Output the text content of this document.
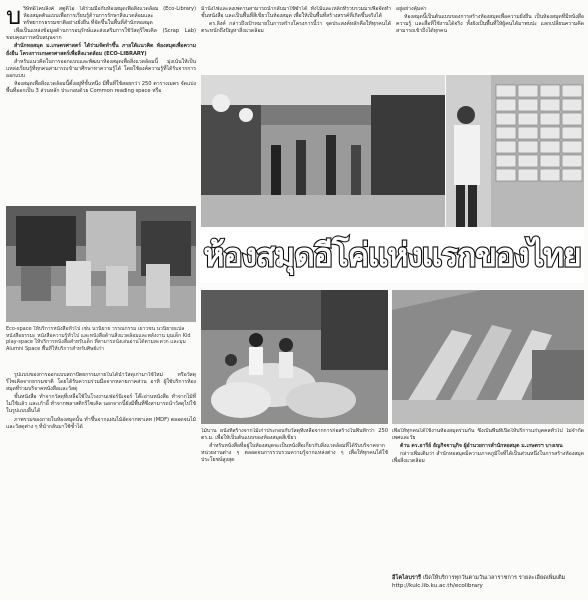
บ ริษัทอีโคบลิงค์ สตูดิโอ ได้ร่วมมือกับห้องสมุดเพื่อสิ่งแวดล้อม (Eco-Library) ห้องสมุดต้นแบบเพื่อการเรียนรู้ด้านการรักษาสิ่งแวดล้อมและทรัพยากรธรรมชาติอย่างยั่งยืน ที่จัดขึ้นในพื้นที่สำนักหอสมุด

เพื่อเป็นแหล่งข้อมูลด้านการอนุรักษ์และส่งเสริมการใช้วัสดุรีไซเคิล (Scrap Lab) ขอบคุณการสนับสนุนจาก

สำนักหอสมุด ม.เกษตรศาสตร์ ได้ร่วมจัดทำขึ้น ภายใต้แนวคิด ห้องสมุดเพื่อความยั่งยืน โครงการเกษตรศาสตร์เพื่อสิ่งแวดล้อม (ECO-LIBRARY)

สำหรับแนวคิดในการออกแบบและพัฒนาห้องสมุดเพื่อสิ่งแวดล้อมนี้ มุ่งเน้นให้เป็นแหล่งเรียนรู้ที่ทุกคนสามารถเข้ามาศึกษาหาความรู้ได้ โดยใช้องค์ความรู้ที่ได้รับจากการออกแบบ

ห้องสมุดเพื่อสิ่งแวดล้อมนี้ตั้งอยู่ที่ชั้นหนึ่ง มีพื้นที่ใช้สอยกว่า 250 ตารางเมตร จัดแบ่งพื้นที่ออกเป็น 3 ส่วนหลัก ประกอบด้วย Common reading space หรือ

ม้านั่งไฟและลงเพดานสามารถนำกลับมาใช้ซ้ำได้ ทั้งไม้และเหล็กที่รวบรวมมาเพื่อจัดทำชั้นหนังสือ และเป็นพื้นที่สีเขียวในห้องสมุด เพื่อให้เป็นพื้นที่สร้างสรรค์ที่เกิดขึ้นจริงได้

ดร.ลิงค์ กล่าวถึงเป้าหมายในการสร้างโครงการนี้ว่า จุดประสงค์หลักคือให้ทุกคนได้ตระหนักถึงปัญหาสิ่งแวดล้อม

อยู่อย่างคุ้มค่า

ห้องสมุดนี้เป็นต้นแบบของการสร้างห้องสมุดเพื่อความยั่งยืน เป็นห้องสมุดที่มีหนังสือ ความรู้ และสื่อที่ใช้งานได้จริง ทั้งยังเป็นพื้นที่ให้ผู้คนได้มาพบปะ แลกเปลี่ยนความคิด สามารถเข้าถึงได้ทุกคน

ห้องสมุดอีโค่แห่งแรกของไทย
Eco-space ให้บริการหนังสือทั่วไป เช่น นวนิยาย วรรณกรรม เยาวชน นวนิยายแปล หนังสือธรรมะ หนังสือความรู้ทั่วไป และหนังสือด้านสิ่งแวดล้อมและพลังงาน มุมเด็ก Kid play-space ให้บริการหนังสือสำหรับเด็ก ที่สามารถนั่งเล่นอ่านได้ตามสะดวก และมุม Alumni Space พื้นที่ให้บริการสำหรับศิษย์เก่า

รูปแบบของการออกแบบสถาปัตยกรรมภายในได้นำวัสดุเก่ามาใช้ใหม่ หรือวัสดุรีไซเคิลจากธรรมชาติ โดยได้รับความร่วมมือจากหลายภาคส่วน อาทิ ผู้ใช้บริการห้องสมุดที่ร่วมบริจาคหนังสือและวัสดุ

ชั้นหนังสือ ทำจากวัสดุที่เหลือใช้ในโรงงานเฟอร์นิเจอร์ โต๊ะอ่านหนังสือ ทำจากไม้ที่ไม่ใช้แล้ว และเก้าอี้ ทำจากพลาสติกรีไซเคิล นอกจากนี้ยังมีพื้นที่ซึ่งสามารถนำวัสดุไปใช้ในรูปแบบอื่นได้

ภาพรวมของภายในห้องสมุดนั้น ทำขึ้นจากแผ่นไม้อัดจากพาเลท (MDF) ตลอดจนไม้และวัสดุต่าง ๆ ที่นำกลับมาใช้ซ้ำได้

ไม้บาน ผนังที่สร้างจากไม้เก่าประกอบกับวัสดุที่เหลือจากการก่อสร้างในพื้นที่กว่า 250 ตร.ม. เพื่อให้เป็นต้นแบบของห้องสมุดสีเขียว

สำหรับหนังสือที่อยู่ในห้องสมุดจะเป็นหนังสือเกี่ยวกับสิ่งแวดล้อมที่ได้รับบริจาคจากหน่วยงานต่าง ๆ ตลอดจนการรวบรวมความรู้จากแหล่งต่าง ๆ เพื่อให้ทุกคนได้ใช้ประโยชน์สูงสุด

เพื่อให้ทุกคนได้ใช้งานห้องสมุดร่วมกัน ซึ่งเป็นพื้นที่เปิดให้บริการแก่บุคคลทั่วไป ไม่จำกัดเพศและวัย

ด้าน ดร.อารีย์ ธัญกิจจานุกิจ ผู้อำนวยการสำนักหอสมุด ม.เกษตรฯ บางเขน

กล่าวเพิ่มเติมว่า สำนักหอสมุดมีความภาคภูมิใจที่ได้เป็นส่วนหนึ่งในการสร้างห้องสมุดเพื่อสิ่งแวดล้อม

อีโคไลบรารี เปิดให้บริการทุกวันตามวันเวลาราชการ รายละเอียดเพิ่มเติม http://kulc.lib.ku.ac.th/ecolibrary
